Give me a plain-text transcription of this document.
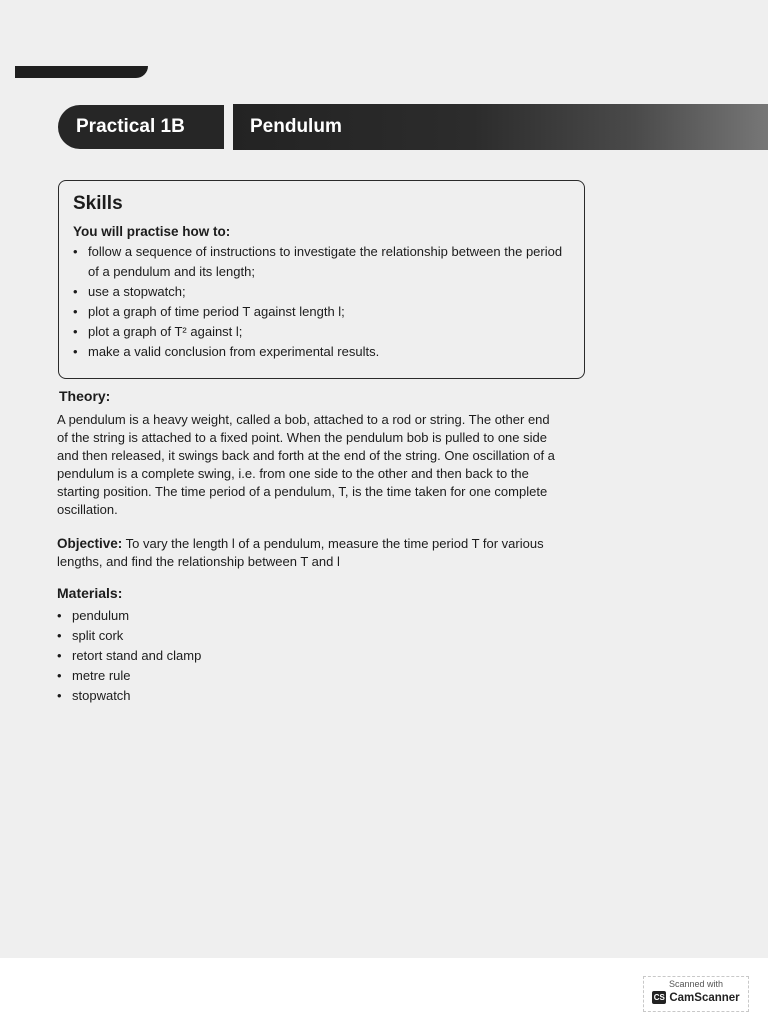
Practical 1B	Pendulum
Skills
You will practise how to:
• follow a sequence of instructions to investigate the relationship between the period of a pendulum and its length;
• use a stopwatch;
• plot a graph of time period T against length l;
• plot a graph of T² against l;
• make a valid conclusion from experimental results.
Theory:
A pendulum is a heavy weight, called a bob, attached to a rod or string. The other end of the string is attached to a fixed point. When the pendulum bob is pulled to one side and then released, it swings back and forth at the end of the string. One oscillation of a pendulum is a complete swing, i.e. from one side to the other and then back to the starting position. The time period of a pendulum, T, is the time taken for one complete oscillation.
Objective: To vary the length l of a pendulum, measure the time period T for various lengths, and find the relationship between T and l
Materials:
• pendulum
• split cork
• retort stand and clamp
• metre rule
• stopwatch
Scanned with
CS CamScanner
